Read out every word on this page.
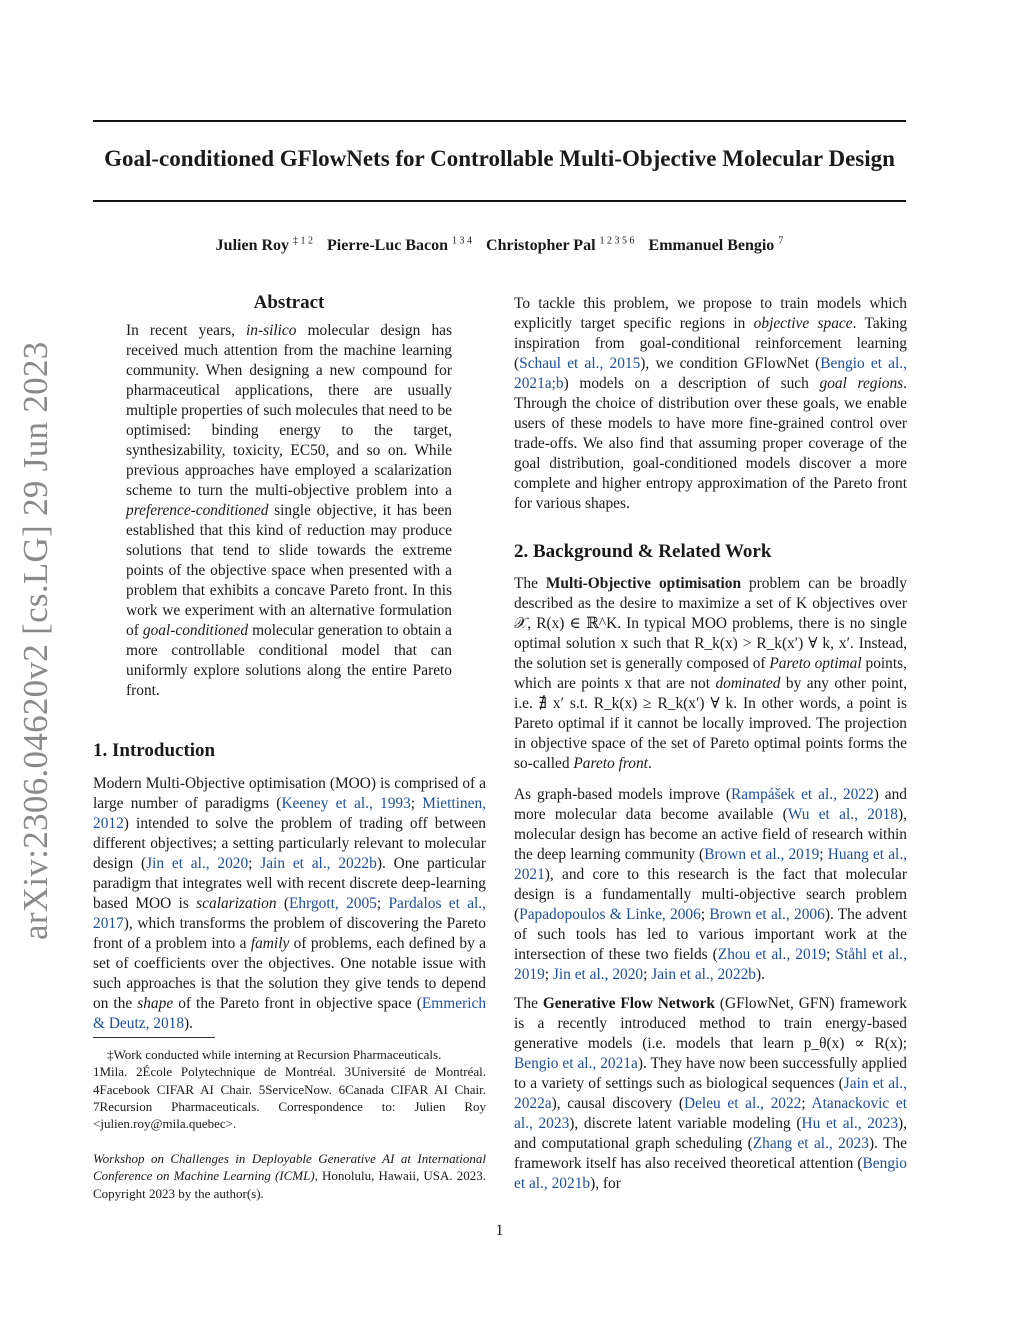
Goal-conditioned GFlowNets for Controllable Multi-Objective Molecular Design
Julien Roy $^{\ddagger 1 2}$ Pierre-Luc Bacon $^{1 3 4}$ Christopher Pal $^{1 2 3 5 6}$ Emmanuel Bengio $^7$
arXiv:2306.04620v2 [cs.LG] 29 Jun 2023
Abstract

In recent years, in-silico molecular design has received much attention from the machine learning community. When designing a new compound for pharmaceutical applications, there are usually multiple properties of such molecules that need to be optimised: binding energy to the target, synthesizability, toxicity, EC50, and so on. While previous approaches have employed a scalarization scheme to turn the multi-objective problem into a preference-conditioned single objective, it has been established that this kind of reduction may produce solutions that tend to slide towards the extreme points of the objective space when presented with a problem that exhibits a concave Pareto front. In this work we experiment with an alternative formulation of goal-conditioned molecular generation to obtain a more controllable conditional model that can uniformly explore solutions along the entire Pareto front.

1. Introduction

Modern Multi-Objective optimisation (MOO) is comprised of a large number of paradigms (Keeney et al., 1993; Miettinen, 2012) intended to solve the problem of trading off between different objectives; a setting particularly relevant to molecular design (Jin et al., 2020; Jain et al., 2022b). One particular paradigm that integrates well with recent discrete deep-learning based MOO is scalarization (Ehrgott, 2005; Pardalos et al., 2017), which transforms the problem of discovering the Pareto front of a problem into a family of problems, each defined by a set of coefficients over the objectives. One notable issue with such approaches is that the solution they give tends to depend on the shape of the Pareto front in objective space (Emmerich & Deutz, 2018).

‡Work conducted while interning at Recursion Pharmaceuticals.

1Mila. 2École Polytechnique de Montréal. 3Université de Montréal. 4Facebook CIFAR AI Chair. 5ServiceNow. 6Canada CIFAR AI Chair. 7Recursion Pharmaceuticals. Correspondence to: Julien Roy <julien.roy@mila.quebec>.

Workshop on Challenges in Deployable Generative AI at International Conference on Machine Learning (ICML), Honolulu, Hawaii, USA. 2023. Copyright 2023 by the author(s).

To tackle this problem, we propose to train models which explicitly target specific regions in objective space. Taking inspiration from goal-conditional reinforcement learning (Schaul et al., 2015), we condition GFlowNet (Bengio et al., 2021a;b) models on a description of such goal regions. Through the choice of distribution over these goals, we enable users of these models to have more fine-grained control over trade-offs. We also find that assuming proper coverage of the goal distribution, goal-conditioned models discover a more complete and higher entropy approximation of the Pareto front for various shapes.

2. Background & Related Work

The Multi-Objective optimisation problem can be broadly described as the desire to maximize a set of K objectives over 𝒳, R(x) ∈ ℝ^K. In typical MOO problems, there is no single optimal solution x such that R_k(x) > R_k(x′) ∀ k, x′. Instead, the solution set is generally composed of Pareto optimal points, which are points x that are not dominated by any other point, i.e. ∄ x′ s.t. R_k(x) ≥ R_k(x′) ∀ k. In other words, a point is Pareto optimal if it cannot be locally improved. The projection in objective space of the set of Pareto optimal points forms the so-called Pareto front.

As graph-based models improve (Rampášek et al., 2022) and more molecular data become available (Wu et al., 2018), molecular design has become an active field of research within the deep learning community (Brown et al., 2019; Huang et al., 2021), and core to this research is the fact that molecular design is a fundamentally multi-objective search problem (Papadopoulos & Linke, 2006; Brown et al., 2006). The advent of such tools has led to various important work at the intersection of these two fields (Zhou et al., 2019; Ståhl et al., 2019; Jin et al., 2020; Jain et al., 2022b).

The Generative Flow Network (GFlowNet, GFN) framework is a recently introduced method to train energy-based generative models (i.e. models that learn p_θ(x) ∝ R(x); Bengio et al., 2021a). They have now been successfully applied to a variety of settings such as biological sequences (Jain et al., 2022a), causal discovery (Deleu et al., 2022; Atanackovic et al., 2023), discrete latent variable modeling (Hu et al., 2023), and computational graph scheduling (Zhang et al., 2023). The framework itself has also received theoretical attention (Bengio et al., 2021b), for

1
